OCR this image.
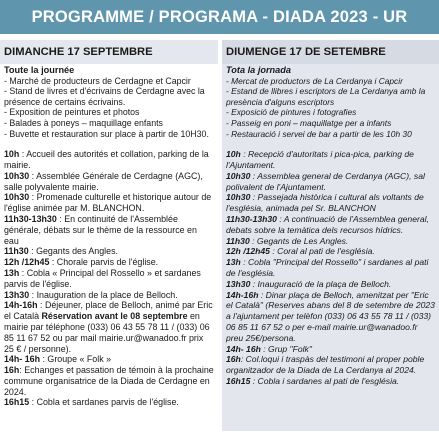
PROGRAMME / PROGRAMA - DIADA 2023 - UR
DIMANCHE 17 SEPTEMBRE
Toute la journée
- Marché de producteurs de Cerdagne et Capcir
- Stand de livres et d'écrivains de Cerdagne avec la présence de certains écrivains.
- Exposition de peintures et photos
- Balades à poneys – maquillage enfants
- Buvette et restauration sur place à partir de 10H30.
10h : Accueil des autorités et collation, parking de la mairie.
10h30 : Assemblée Générale de Cerdagne (AGC), salle polyvalente mairie.
10h30 : Promenade culturelle et historique autour de l'église animée par M. BLANCHON.
11h30-13h30 : En continuité de l'Assemblée générale, débats sur le thème de la ressource en eau
11h30 : Gegants des Angles.
12h /12h45 : Chorale parvis de l'église.
13h : Cobla « Principal del Rossello » et sardanes parvis de l'église.
13h30 : Inauguration de la place de Belloch.
14h-16h : Déjeuner, place de Belloch, animé par Eric el Català Réservation avant le 08 septembre en mairie par téléphone (033) 06 43 55 78 11 / (033) 06 85 11 67 52 ou par mail mairie.ur@wanadoo.fr prix 25 € / personne).
14h- 16h : Groupe « Folk »
16h: Echanges et passation de témoin à la prochaine commune organisatrice de la Diada de Cerdagne en 2024.
16h15 : Cobla et sardanes parvis de l'église.
DIUMENGE 17 DE SETEMBRE
Tota la jornada
- Mercat de productors de La Cerdanya i Capcir
- Estand de llibres i escriptors de La Cerdanya amb la presència d'alguns escriptors
- Exposició de pintures i fotografies
- Passeig en poni – maquillatge per a infants
- Restauració i servei de bar a partir de les 10h 30
10h : Recepció d'autoritats i pica-pica, parking de l'Ajuntament.
10h30 : Assemblea general de Cerdanya (AGC), sal polivalent de l'Ajuntament.
10h30 : Passejada històrica i cultural als voltants de l'església, animada pel Sr. BLANCHON
11h30-13h30 : A continuació de l'Assemblea general, debats sobre la temàtica dels recursos hídrics.
11h30 : Gegants de Les Angles.
12h /12h45 : Coral al pati de l'església.
13h : Cobla "Principal del Rossello" i sardanes al pati de l'església.
13h30 : Inauguració de la plaça de Belloch.
14h-16h : Dinar plaça de Belloch, amenitzat per "Eric el Català" (Reserves abans del 8 de setembre de 2023 a l'ajuntament per telèfon (033) 06 43 55 78 11 / (033) 06 85 11 67 52 o per e-mail mairie.ur@wanadoo.fr preu 25€/persona.
14h- 16h : Grup "Folk"
16h: Col.loqui i traspàs del testimoni al proper poble organitzador de la Diada de La Cerdanya al 2024.
16h15 : Cobla i sardanes al pati de l'església.
